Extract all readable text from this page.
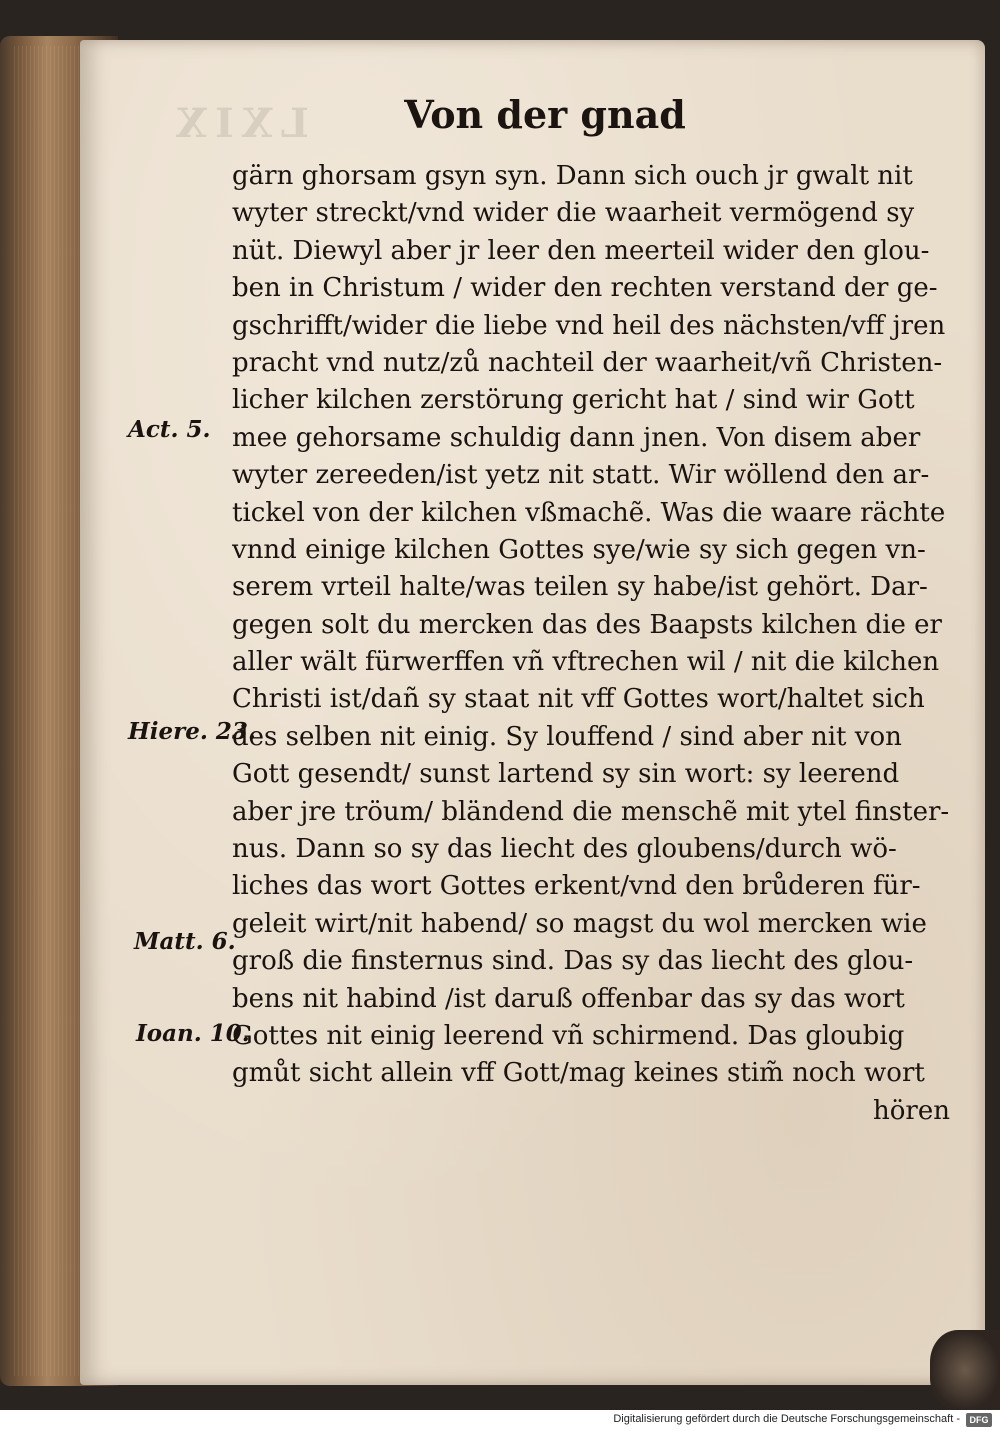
LXIX	Von der gnad
gärn ghorsam gsyn syn. Dann sich ouch jr gwalt nit
wyter streckt/vnd wider die waarheit vermögend sy
nüt. Diewyl aber jr leer den meerteil wider den glou-
ben in Christum / wider den rechten verstand der ge-
gschrifft/wider die liebe vnd heil des nächsten/vff jren
pracht vnd nutz/zů nachteil der waarheit/vñ Christen-
licher kilchen zerstörung gericht hat / sind wir Gott
mee gehorsame schuldig dann jnen. Von disem aber
wyter zereeden/ist yetz nit statt. Wir wöllend den ar-
tickel von der kilchen vßmachẽ. Was die waare rächte
vnnd einige kilchen Gottes sye/wie sy sich gegen vn-
serem vrteil halte/was teilen sy habe/ist gehört. Dar-
gegen solt du mercken das des Baapsts kilchen die er
aller wält fürwerffen vñ vftrechen wil / nit die kilchen
Christi ist/dañ sy staat nit vff Gottes wort/haltet sich
des selben nit einig. Sy louffend / sind aber nit von
Gott gesendt/ sunst lartend sy sin wort: sy leerend
aber jre tröum/ bländend die menschẽ mit ytel finster-
nus. Dann so sy das liecht des gloubens/durch wö-
liches das wort Gottes erkent/vnd den brůderen für-
geleit wirt/nit habend/ so magst du wol mercken wie
groß die finsternus sind. Das sy das liecht des glou-
bens nit habind /ist daruß offenbar das sy das wort
Gottes nit einig leerend vñ schirmend. Das gloubig
gmůt sicht allein vff Gott/mag keines stim̃ noch wort
hören
Act. 5.
Hiere. 23.
Matt. 6.
Ioan. 10.
Digitalisierung gefördert durch die Deutsche Forschungsgemeinschaft -	DFG
